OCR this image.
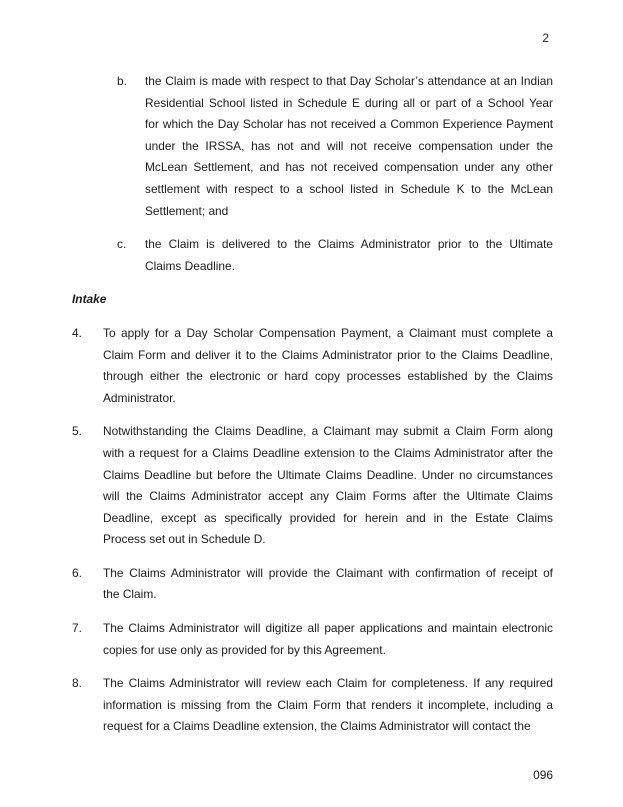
2
b.	the Claim is made with respect to that Day Scholar’s attendance at an Indian
Residential School listed in Schedule E during all or part of a School Year
for which the Day Scholar has not received a Common Experience Payment
under the IRSSA, has not and will not receive compensation under the
McLean Settlement, and has not received compensation under any other
settlement with respect to a school listed in Schedule K to the McLean
Settlement; and
c.	the Claim is delivered to the Claims Administrator prior to the Ultimate
Claims Deadline.
Intake
4.	To apply for a Day Scholar Compensation Payment, a Claimant must complete a
Claim Form and deliver it to the Claims Administrator prior to the Claims Deadline,
through either the electronic or hard copy processes established by the Claims
Administrator.
5.	Notwithstanding the Claims Deadline, a Claimant may submit a Claim Form along
with a request for a Claims Deadline extension to the Claims Administrator after the
Claims Deadline but before the Ultimate Claims Deadline. Under no circumstances
will the Claims Administrator accept any Claim Forms after the Ultimate Claims
Deadline, except as specifically provided for herein and in the Estate Claims
Process set out in Schedule D.
6.	The Claims Administrator will provide the Claimant with confirmation of receipt of
the Claim.
7.	The Claims Administrator will digitize all paper applications and maintain electronic
copies for use only as provided for by this Agreement.
8.	The Claims Administrator will review each Claim for completeness. If any required
information is missing from the Claim Form that renders it incomplete, including a
request for a Claims Deadline extension, the Claims Administrator will contact the
096
